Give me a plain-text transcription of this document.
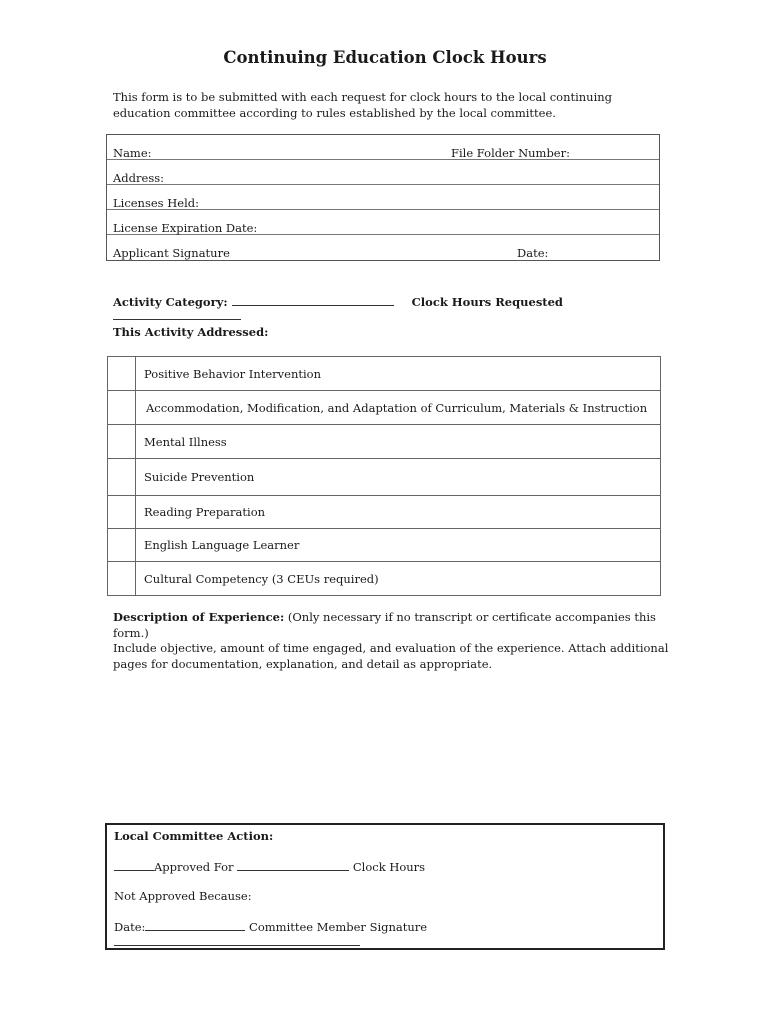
Continuing Education Clock Hours
This form is to be submitted with each request for clock hours to the local continuing education committee according to rules established by the local committee.
Name:	File Folder Number:
Address:
Licenses Held:
License Expiration Date:
Applicant Signature	Date:
Activity Category:	Clock Hours Requested
This Activity Addressed:
	Positive Behavior Intervention
	Accommodation, Modification, and Adaptation of Curriculum, Materials & Instruction
	Mental Illness
	Suicide Prevention
	Reading Preparation
	English Language Learner
	Cultural Competency (3 CEUs required)
Description of Experience: (Only necessary if no transcript or certificate accompanies this form.)
Include objective, amount of time engaged, and evaluation of the experience. Attach additional pages for documentation, explanation, and detail as appropriate.
Local Committee Action:
Approved For	Clock Hours
Not Approved Because:
Date:	Committee Member Signature
